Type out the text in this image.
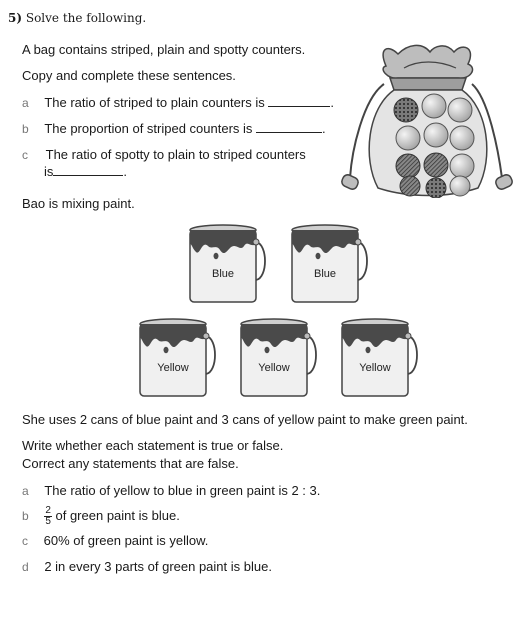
5) Solve the following.
A bag contains striped, plain and spotty counters.
Copy and complete these sentences.
a The ratio of striped to plain counters is	.
b The proportion of striped counters is	.
c The ratio of spotty to plain to striped counters
is	.
Bao is mixing paint.
Blue	Blue
Yellow	Yellow	Yellow
She uses 2 cans of blue paint and 3 cans of yellow paint to make green paint.
Write whether each statement is true or false.
Correct any statements that are false.
a The ratio of yellow to blue in green paint is 2 : 3.
b $\frac{2}{5}$ of green paint is blue.
c 60% of green paint is yellow.
d 2 in every 3 parts of green paint is blue.
